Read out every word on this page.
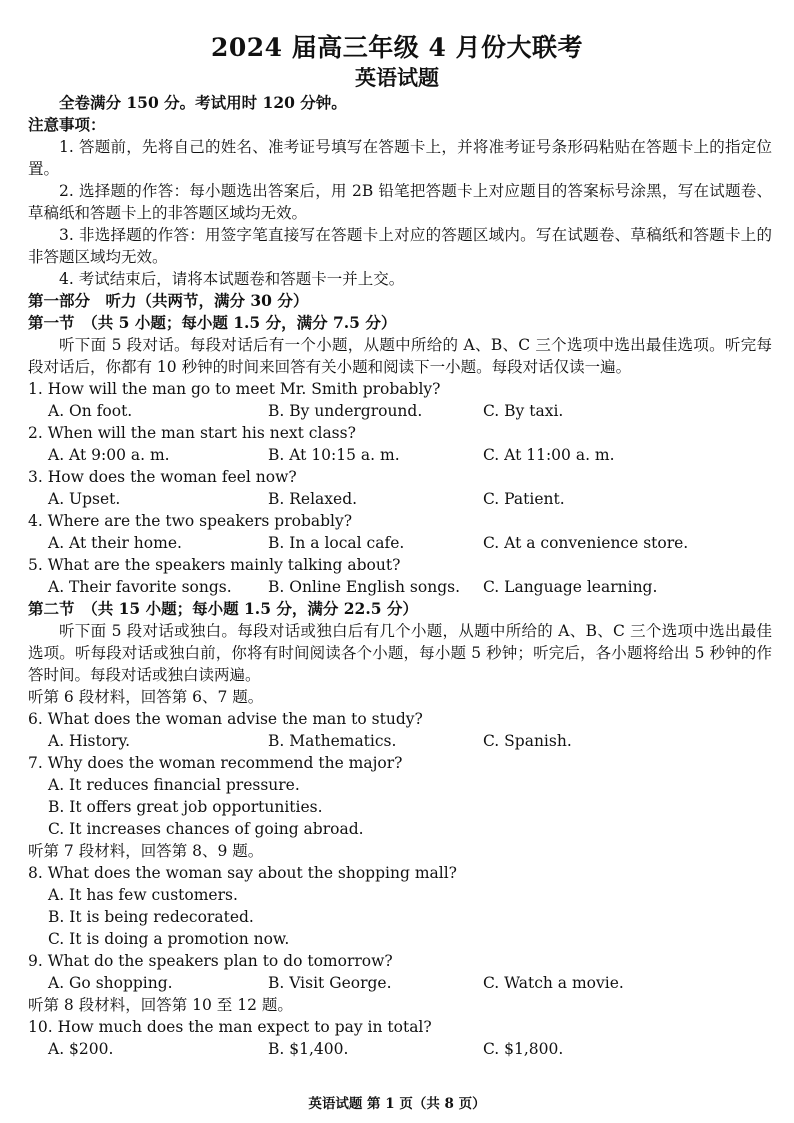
2024 届高三年级 4 月份大联考
英语试题

全卷满分 150 分。考试用时 120 分钟。

注意事项：

1. 答题前，先将自己的姓名、准考证号填写在答题卡上，并将准考证号条形码粘贴在答题卡上的指定位置。

2. 选择题的作答：每小题选出答案后，用 2B 铅笔把答题卡上对应题目的答案标号涂黑，写在试题卷、草稿纸和答题卡上的非答题区域均无效。

3. 非选择题的作答：用签字笔直接写在答题卡上对应的答题区域内。写在试题卷、草稿纸和答题卡上的非答题区域均无效。

4. 考试结束后，请将本试题卷和答题卡一并上交。

第一部分　听力（共两节，满分 30 分）

第一节　（共 5 小题；每小题 1.5 分，满分 7.5 分）

听下面 5 段对话。每段对话后有一个小题，从题中所给的 A、B、C 三个选项中选出最佳选项。听完每段对话后，你都有 10 秒钟的时间来回答有关小题和阅读下一小题。每段对话仅读一遍。

1. How will the man go to meet Mr. Smith probably?

A. On foot.	B. By underground.	C. By taxi.

2. When will the man start his next class?

A. At 9:00 a. m.	B. At 10:15 a. m.	C. At 11:00 a. m.

3. How does the woman feel now?

A. Upset.	B. Relaxed.	C. Patient.

4. Where are the two speakers probably?

A. At their home.	B. In a local cafe.	C. At a convenience store.

5. What are the speakers mainly talking about?

A. Their favorite songs. B. Online English songs. C. Language learning.

第二节　（共 15 小题；每小题 1.5 分，满分 22.5 分）

听下面 5 段对话或独白。每段对话或独白后有几个小题，从题中所给的 A、B、C 三个选项中选出最佳选项。听每段对话或独白前，你将有时间阅读各个小题，每小题 5 秒钟；听完后，各小题将给出 5 秒钟的作答时间。每段对话或独白读两遍。

听第 6 段材料，回答第 6、7 题。

6. What does the woman advise the man to study?

A. History.	B. Mathematics.	C. Spanish.

7. Why does the woman recommend the major?

A. It reduces financial pressure.

B. It offers great job opportunities.

C. It increases chances of going abroad.

听第 7 段材料，回答第 8、9 题。

8. What does the woman say about the shopping mall?

A. It has few customers.

B. It is being redecorated.

C. It is doing a promotion now.

9. What do the speakers plan to do tomorrow?

A. Go shopping.	B. Visit George.	C. Watch a movie.

听第 8 段材料，回答第 10 至 12 题。

10. How much does the man expect to pay in total?

A. $200.	B. $1,400.	C. $1,800.
英语试题 第 1 页（共 8 页）
